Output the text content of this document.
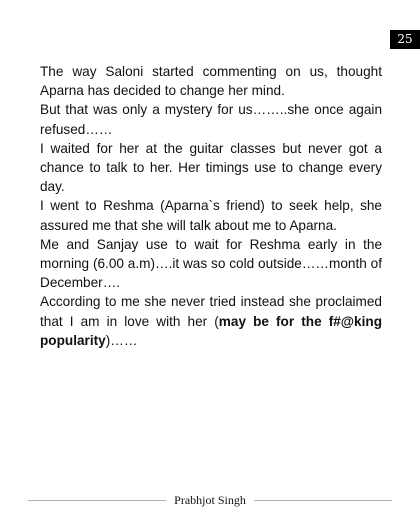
25

The way Saloni started commenting on us, thought Aparna has decided to change her mind.

But that was only a mystery for us……..she once again refused……

I waited for her at the guitar classes but never got a chance to talk to her. Her timings use to change every day.

I went to Reshma (Aparna`s friend) to seek help, she assured me that she will talk about me to Aparna.

Me and Sanjay use to wait for Reshma early in the morning (6.00 a.m)….it was so cold outside……month of December….

According to me she never tried instead she proclaimed that I am in love with her (may be for the f#@king popularity)……

Prabhjot Singh
